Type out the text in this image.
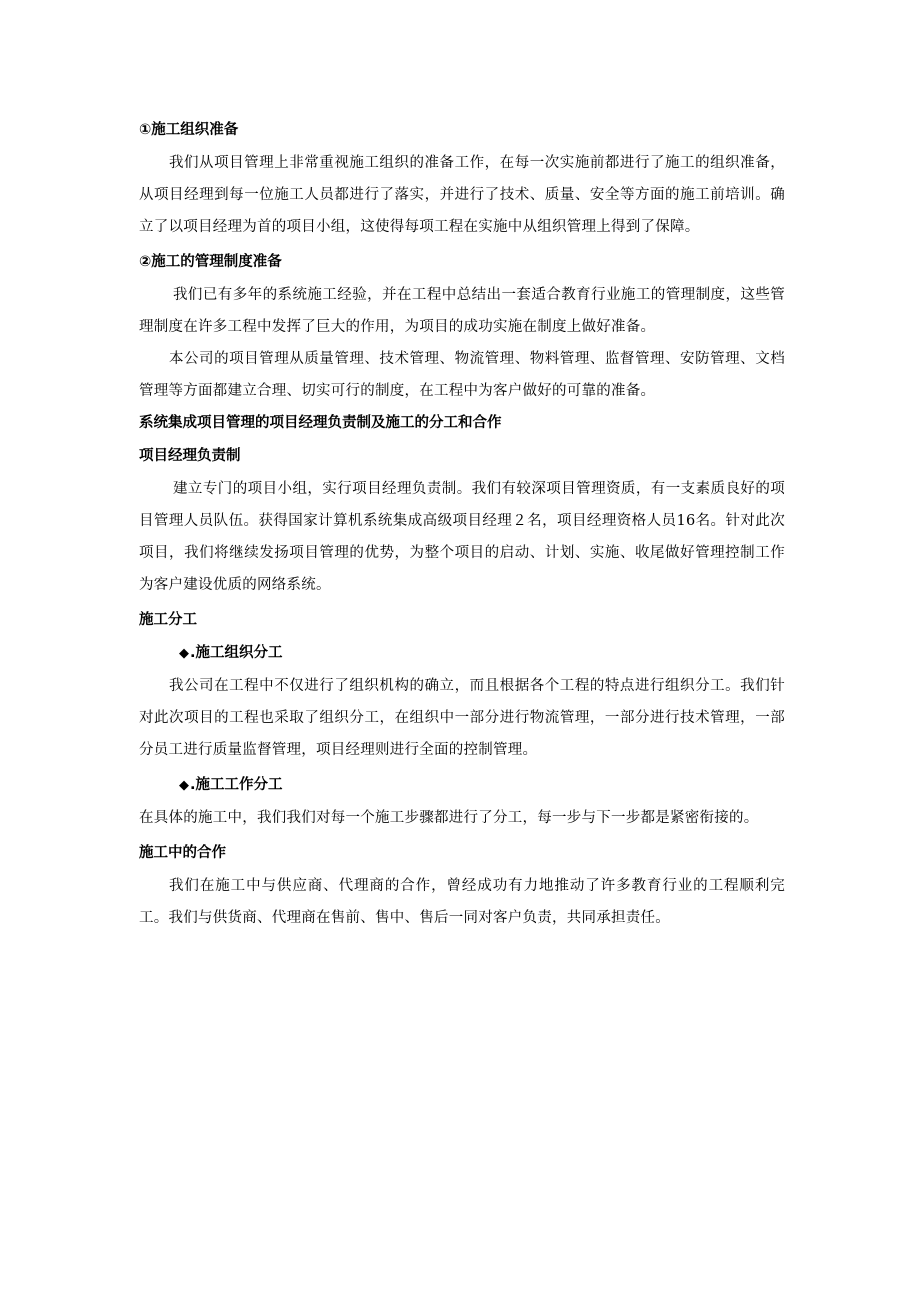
①施工组织准备

我们从项目管理上非常重视施工组织的准备工作，在每一次实施前都进行了施工的组织准备，从项目经理到每一位施工人员都进行了落实，并进行了技术、质量、安全等方面的施工前培训。确立了以项目经理为首的项目小组，这使得每项工程在实施中从组织管理上得到了保障。

②施工的管理制度准备

我们已有多年的系统施工经验，并在工程中总结出一套适合教育行业施工的管理制度，这些管理制度在许多工程中发挥了巨大的作用，为项目的成功实施在制度上做好准备。

本公司的项目管理从质量管理、技术管理、物流管理、物料管理、监督管理、安防管理、文档管理等方面都建立合理、切实可行的制度，在工程中为客户做好的可靠的准备。

系统集成项目管理的项目经理负责制及施工的分工和合作
项目经理负责制

建立专门的项目小组，实行项目经理负责制。我们有较深项目管理资质，有一支素质良好的项目管理人员队伍。获得国家计算机系统集成高级项目经理２名，项目经理资格人员16名。针对此次项目，我们将继续发扬项目管理的优势，为整个项目的启动、计划、实施、收尾做好管理控制工作为客户建设优质的网络系统。

施工分工
◆.施工组织分工

我公司在工程中不仅进行了组织机构的确立，而且根据各个工程的特点进行组织分工。我们针对此次项目的工程也采取了组织分工，在组织中一部分进行物流管理，一部分进行技术管理，一部分员工进行质量监督管理，项目经理则进行全面的控制管理。

◆.施工工作分工

在具体的施工中，我们我们对每一个施工步骤都进行了分工，每一步与下一步都是紧密衔接的。

施工中的合作

我们在施工中与供应商、代理商的合作，曾经成功有力地推动了许多教育行业的工程顺利完工。我们与供货商、代理商在售前、售中、售后一同对客户负责，共同承担责任。
